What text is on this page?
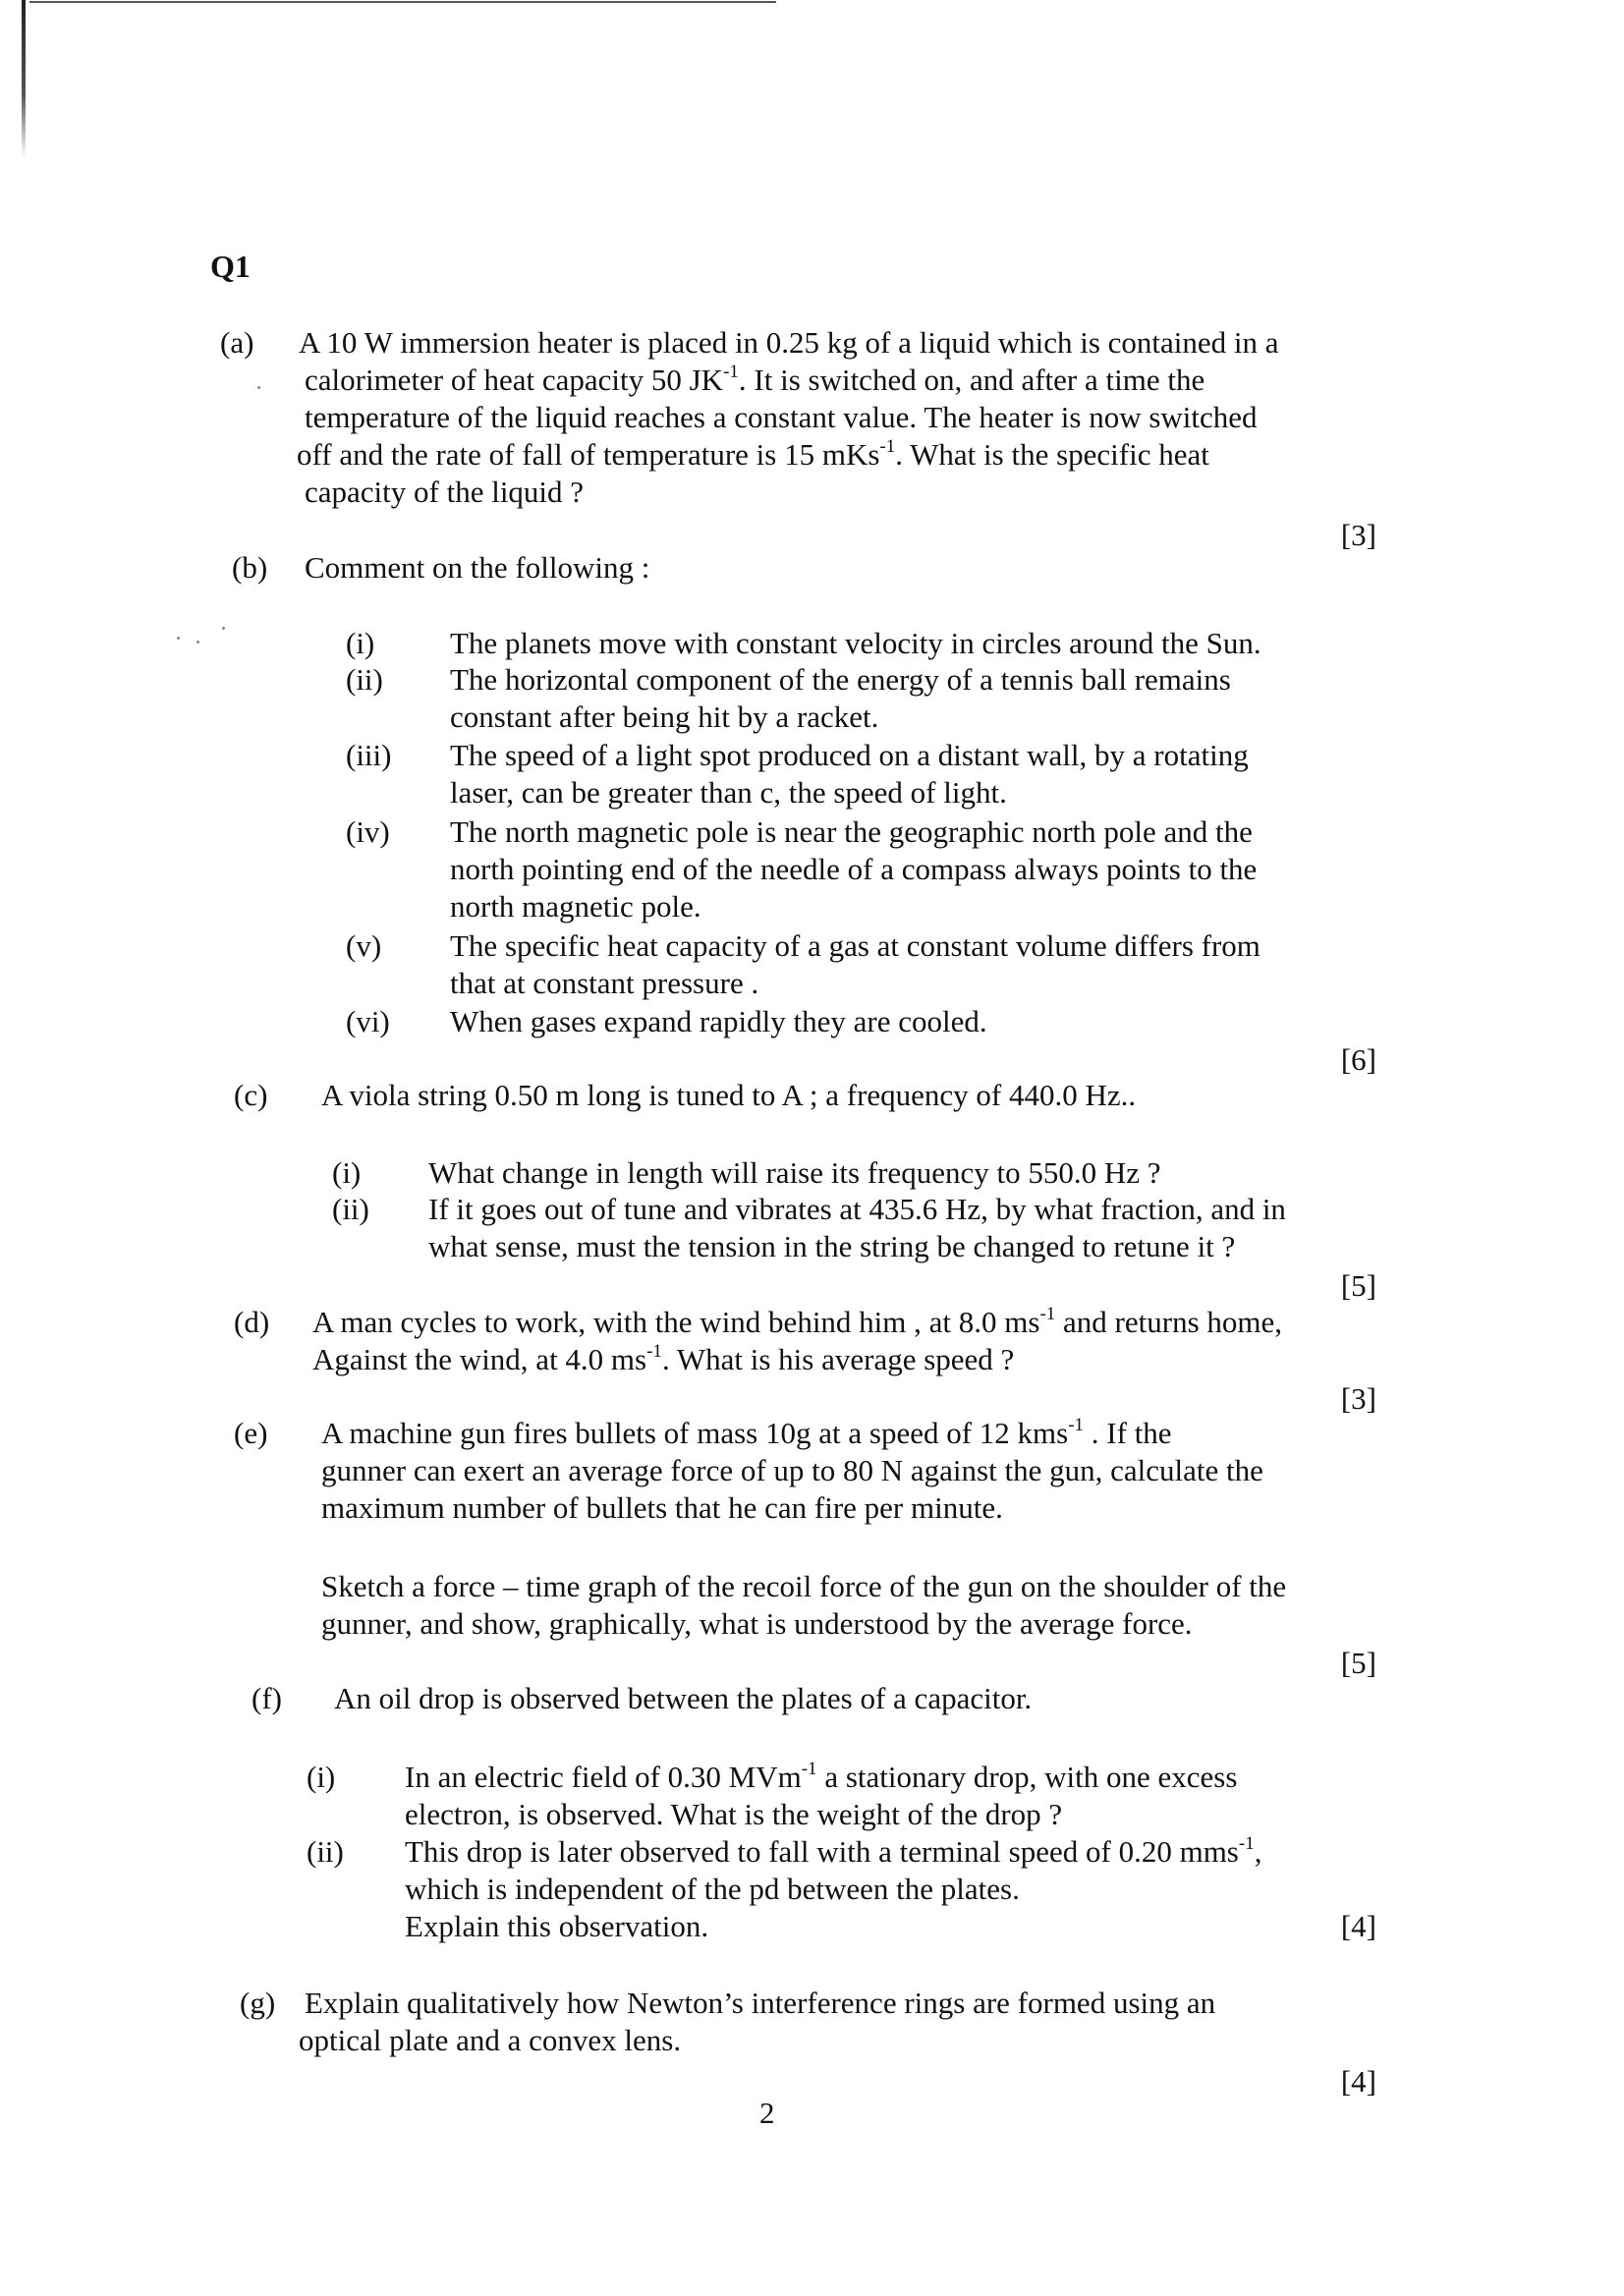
Q1
(a) A 10 W immersion heater is placed in 0.25 kg of a liquid which is contained in a
calorimeter of heat capacity 50 $JK^{-1}$. It is switched on, and after a time the
temperature of the liquid reaches a constant value. The heater is now switched
off and the rate of fall of temperature is 15 mKs$^{-1}$. What is the specific heat
capacity of the liquid ?
[3]
(b) Comment on the following :
(i) The planets move with constant velocity in circles around the Sun.
(ii) The horizontal component of the energy of a tennis ball remains
constant after being hit by a racket.
(iii) The speed of a light spot produced on a distant wall, by a rotating
laser, can be greater than c, the speed of light.
(iv) The north magnetic pole is near the geographic north pole and the
north pointing end of the needle of a compass always points to the
north magnetic pole.
(v) The specific heat capacity of a gas at constant volume differs from
that at constant pressure .
(vi) When gases expand rapidly they are cooled.
[6]
(c) A viola string 0.50 m long is tuned to A ; a frequency of 440.0 Hz..
(i) What change in length will raise its frequency to 550.0 Hz ?
(ii) If it goes out of tune and vibrates at 435.6 Hz, by what fraction, and in
what sense, must the tension in the string be changed to retune it ?
[5]
(d) A man cycles to work, with the wind behind him , at 8.0 $ms^{-1}$ and returns home,
Against the wind, at 4.0 $ms^{-1}$. What is his average speed ?
[3]
(e) A machine gun fires bullets of mass 10g at a speed of 12 kms$^{-1}$ . If the
gunner can exert an average force of up to 80 N against the gun, calculate the
maximum number of bullets that he can fire per minute.
Sketch a force – time graph of the recoil force of the gun on the shoulder of the
gunner, and show, graphically, what is understood by the average force.
[5]
(f) An oil drop is observed between the plates of a capacitor.
(i) In an electric field of 0.30 MVm$^{-1}$ a stationary drop, with one excess
electron, is observed. What is the weight of the drop ?
(ii) This drop is later observed to fall with a terminal speed of 0.20 mms$^{-1}$,
which is independent of the pd between the plates.
Explain this observation.	[4]
(g) Explain qualitatively how Newton’s interference rings are formed using an
optical plate and a convex lens.
[4]
2
